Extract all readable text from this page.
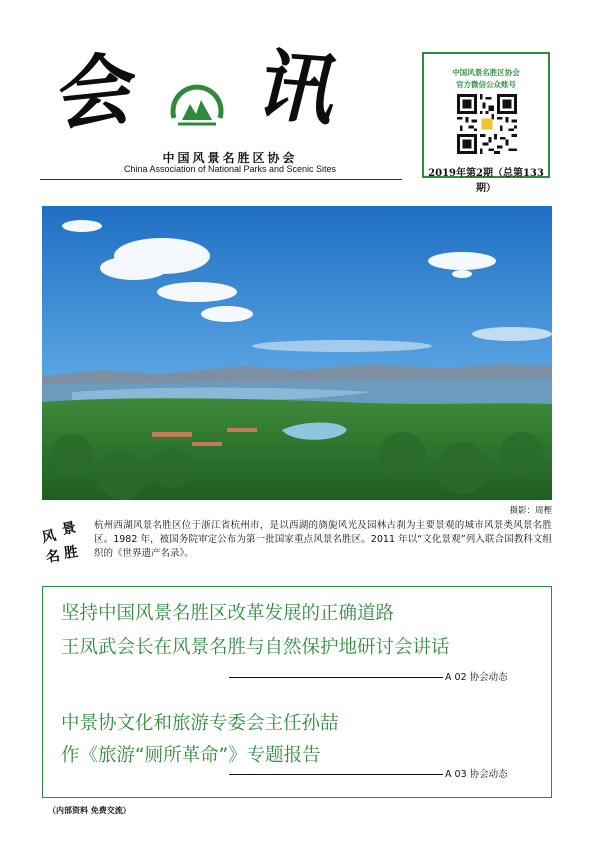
会 讯
中国风景名胜区协会
China Association of National Parks and Scenic Sites
中国风景名胜区协会
官方微信公众账号
2019年第2期（总第133期）
摄影：周樫
风 景
名 胜
杭州西湖风景名胜区位于浙江省杭州市，是以西湖的旖旎风光及园林古刹为主要景观的城市风景类风景名胜区。1982 年，被国务院审定公布为第一批国家重点风景名胜区。2011 年以“文化景观”列入联合国教科文组织的《世界遗产名录》。
坚持中国风景名胜区改革发展的正确道路
王凤武会长在风景名胜与自然保护地研讨会讲话
A 02 协会动态
中景协文化和旅游专委会主任孙喆
作《旅游“厕所革命”》专题报告
A 03 协会动态
（内部资料 免费交流）
